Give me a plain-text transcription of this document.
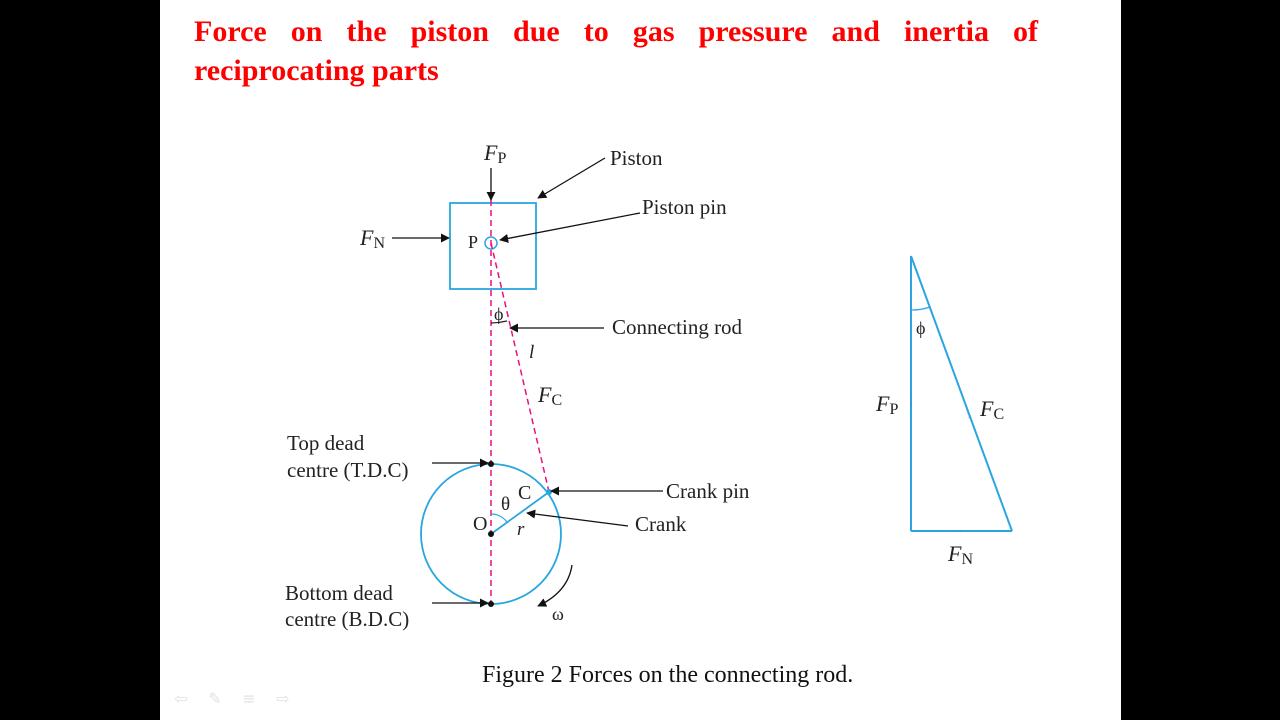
Force on the piston due to gas pressure and inertia of reciprocating parts
FP
FN
FC
Piston
Piston pin
P
ϕ
Connecting rod
l
Top dead
centre (T.D.C)
C
θ
O r
Crank pin
Crank
Bottom dead
centre (B.D.C)	ω
ϕ
FP	FC
FN
Figure 2 Forces on the connecting rod.
⇦ ✎ ≡ ⇨
